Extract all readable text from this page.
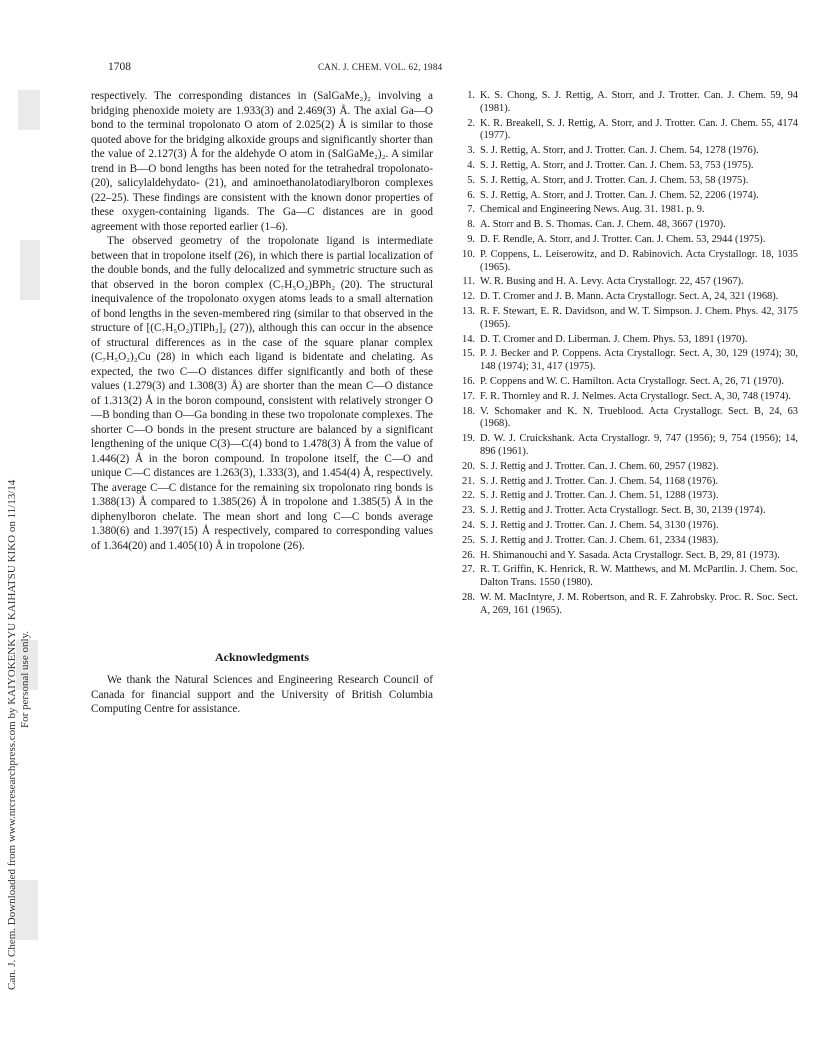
1708	CAN. J. CHEM. VOL. 62, 1984
Can. J. Chem. Downloaded from www.nrcresearchpress.com by KAIYOKENKYU KAIHATSU KIKO on 11/13/14 For personal use only.

respectively. The corresponding distances in (SalGaMe₂)₂ involving a bridging phenoxide moiety are 1.933(3) and 2.469(3) Å. The axial Ga—O bond to the terminal tropolonato O atom of 2.025(2) Å is similar to those quoted above for the bridging alkoxide groups and significantly shorter than the value of 2.127(3) Å for the aldehyde O atom in (SalGaMe₂)₂. A similar trend in B—O bond lengths has been noted for the tetrahedral tropolonato- (20), salicylaldehydato- (21), and aminoethanolatodiarylboron complexes (22–25). These findings are consistent with the known donor properties of these oxygen-containing ligands. The Ga—C distances are in good agreement with those reported earlier (1–6).

The observed geometry of the tropolonate ligand is intermediate between that in tropolone itself (26), in which there is partial localization of the double bonds, and the fully delocalized and symmetric structure such as that observed in the boron complex (C₇H₅O₂)BPh₂ (20). The structural inequivalence of the tropolonato oxygen atoms leads to a small alternation of bond lengths in the seven-membered ring (similar to that observed in the structure of [(C₇H₅O₂)TlPh₂]₂ (27)), although this can occur in the absence of structural differences as in the case of the square planar complex (C₇H₅O₂)₂Cu (28) in which each ligand is bidentate and chelating. As expected, the two C—O distances differ significantly and both of these values (1.279(3) and 1.308(3) Å) are shorter than the mean C—O distance of 1.313(2) Å in the boron compound, consistent with relatively stronger O—B bonding than O—Ga bonding in these two tropolonate complexes. The shorter C—O bonds in the present structure are balanced by a significant lengthening of the unique C(3)—C(4) bond to 1.478(3) Å from the value of 1.446(2) Å in the boron compound. In tropolone itself, the C—O and unique C—C distances are 1.263(3), 1.333(3), and 1.454(4) Å, respectively. The average C—C distance for the remaining six tropolonato ring bonds is 1.388(13) Å compared to 1.385(26) Å in tropolone and 1.385(5) Å in the diphenylboron chelate. The mean short and long C—C bonds average 1.380(6) and 1.397(15) Å respectively, compared to corresponding values of 1.364(20) and 1.405(10) Å in tropolone (26).

Acknowledgments
We thank the Natural Sciences and Engineering Research Council of Canada for financial support and the University of British Columbia Computing Centre for assistance.
1. K. S. Chong, S. J. Rettig, A. Storr, and J. Trotter. Can. J. Chem. 59, 94 (1981).
2. K. R. Breakell, S. J. Rettig, A. Storr, and J. Trotter. Can. J. Chem. 55, 4174 (1977).
3. S. J. Rettig, A. Storr, and J. Trotter. Can. J. Chem. 54, 1278 (1976).
4. S. J. Rettig, A. Storr, and J. Trotter. Can. J. Chem. 53, 753 (1975).
5. S. J. Rettig, A. Storr, and J. Trotter. Can. J. Chem. 53, 58 (1975).
6. S. J. Rettig, A. Storr, and J. Trotter. Can. J. Chem. 52, 2206 (1974).
7. Chemical and Engineering News. Aug. 31. 1981. p. 9.
8. A. Storr and B. S. Thomas. Can. J. Chem. 48, 3667 (1970).
9. D. F. Rendle, A. Storr, and J. Trotter. Can. J. Chem. 53, 2944 (1975).
10. P. Coppens, L. Leiserowitz, and D. Rabinovich. Acta Crystallogr. 18, 1035 (1965).
11. W. R. Busing and H. A. Levy. Acta Crystallogr. 22, 457 (1967).
12. D. T. Cromer and J. B. Mann. Acta Crystallogr. Sect. A, 24, 321 (1968).
13. R. F. Stewart, E. R. Davidson, and W. T. Simpson. J. Chem. Phys. 42, 3175 (1965).
14. D. T. Cromer and D. Liberman. J. Chem. Phys. 53, 1891 (1970).
15. P. J. Becker and P. Coppens. Acta Crystallogr. Sect. A, 30, 129 (1974); 30, 148 (1974); 31, 417 (1975).
16. P. Coppens and W. C. Hamilton. Acta Crystallogr. Sect. A, 26, 71 (1970).
17. F. R. Thornley and R. J. Nelmes. Acta Crystallogr. Sect. A, 30, 748 (1974).
18. V. Schomaker and K. N. Trueblood. Acta Crystallogr. Sect. B, 24, 63 (1968).
19. D. W. J. Cruickshank. Acta Crystallogr. 9, 747 (1956); 9, 754 (1956); 14, 896 (1961).
20. S. J. Rettig and J. Trotter. Can. J. Chem. 60, 2957 (1982).
21. S. J. Rettig and J. Trotter. Can. J. Chem. 54, 1168 (1976).
22. S. J. Rettig and J. Trotter. Can. J. Chem. 51, 1288 (1973).
23. S. J. Rettig and J. Trotter. Acta Crystallogr. Sect. B, 30, 2139 (1974).
24. S. J. Rettig and J. Trotter. Can. J. Chem. 54, 3130 (1976).
25. S. J. Rettig and J. Trotter. Can. J. Chem. 61, 2334 (1983).
26. H. Shimanouchi and Y. Sasada. Acta Crystallogr. Sect. B, 29, 81 (1973).
27. R. T. Griffin, K. Henrick, R. W. Matthews, and M. McPartlin. J. Chem. Soc. Dalton Trans. 1550 (1980).
28. W. M. MacIntyre, J. M. Robertson, and R. F. Zahrobsky. Proc. R. Soc. Sect. A, 269, 161 (1965).
